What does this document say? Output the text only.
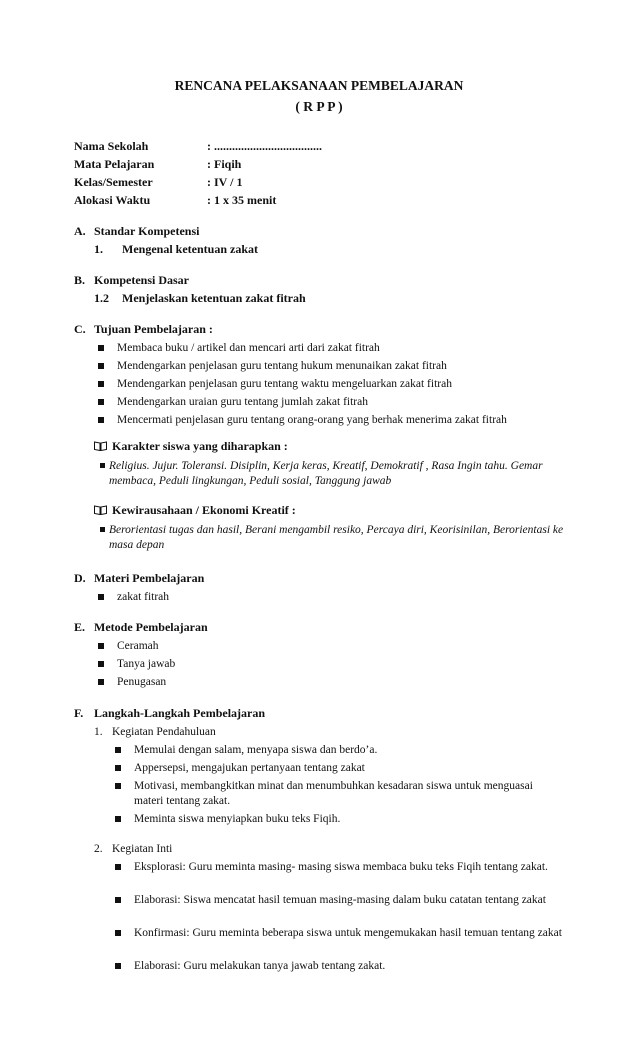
RENCANA PELAKSANAAN PEMBELAJARAN
( R P P )
Nama Sekolah	: ....................................
Mata Pelajaran	: Fiqih
Kelas/Semester	: IV / 1
Alokasi Waktu	: 1 x 35 menit
A. Standar Kompetensi
1. Mengenal ketentuan zakat
B. Kompetensi Dasar
1.2 Menjelaskan ketentuan zakat fitrah
C. Tujuan Pembelajaran :
Membaca buku / artikel dan mencari arti dari zakat fitrah
Mendengarkan penjelasan guru tentang hukum menunaikan zakat fitrah
Mendengarkan penjelasan guru tentang waktu mengeluarkan zakat fitrah
Mendengarkan uraian guru tentang jumlah zakat fitrah
Mencermati penjelasan guru tentang orang-orang yang berhak menerima zakat fitrah
Karakter siswa yang diharapkan :
Religius. Jujur. Toleransi. Disiplin, Kerja keras, Kreatif, Demokratif , Rasa Ingin tahu. Gemar membaca, Peduli lingkungan, Peduli sosial, Tanggung jawab
Kewirausahaan / Ekonomi Kreatif :
Berorientasi tugas dan hasil, Berani mengambil resiko, Percaya diri, Keorisinilan, Berorientasi ke masa depan
D. Materi Pembelajaran
zakat fitrah
E. Metode Pembelajaran
Ceramah
Tanya jawab
Penugasan
F. Langkah-Langkah Pembelajaran
1. Kegiatan Pendahuluan
Memulai dengan salam, menyapa siswa dan berdo’a.
Appersepsi, mengajukan pertanyaan tentang zakat
Motivasi, membangkitkan minat dan menumbuhkan kesadaran siswa untuk menguasai materi tentang zakat.
Meminta siswa menyiapkan buku teks Fiqih.
2. Kegiatan Inti
Eksplorasi: Guru meminta masing- masing siswa membaca buku teks Fiqih tentang zakat.
Elaborasi: Siswa mencatat hasil temuan masing-masing dalam buku catatan tentang zakat
Konfirmasi: Guru meminta beberapa siswa untuk mengemukakan hasil temuan tentang zakat
Elaborasi: Guru melakukan tanya jawab tentang zakat.
